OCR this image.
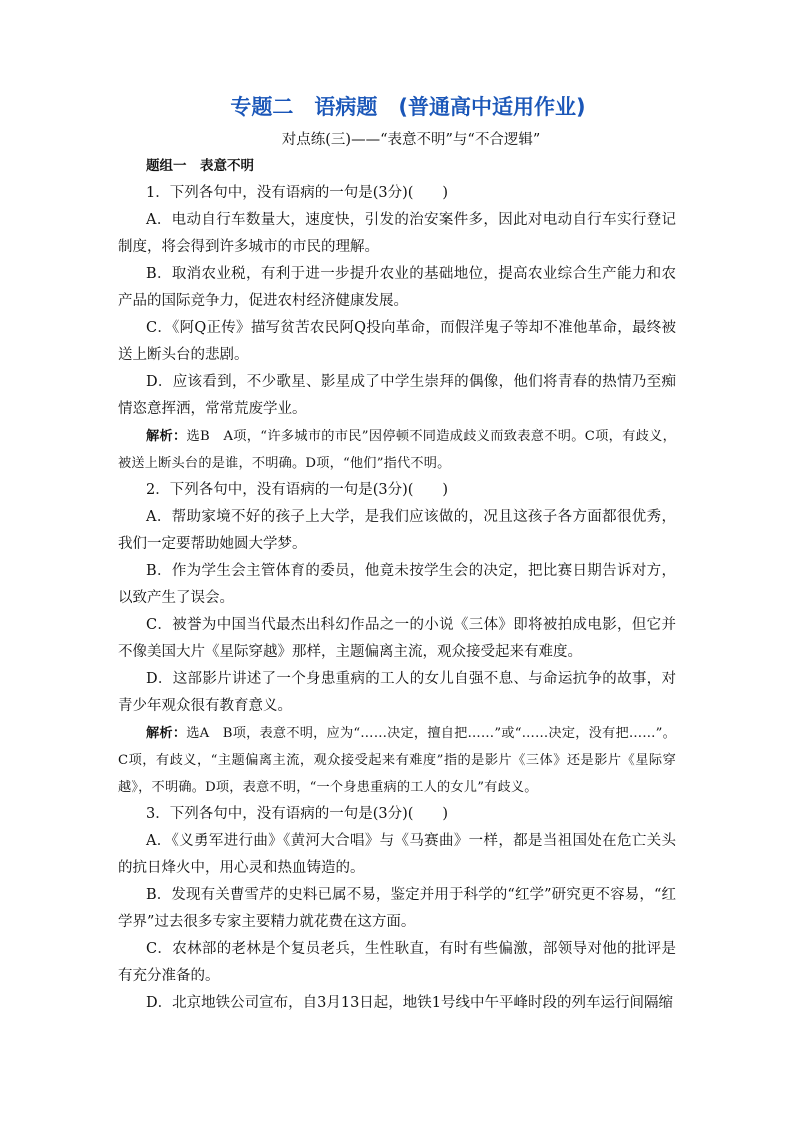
专题二　语病题　(普通高中适用作业)

对点练(三)——“表意不明”与“不合逻辑”

题组一　表意不明

1．下列各句中，没有语病的一句是(3分)(　　)

A．电动自行车数量大，速度快，引发的治安案件多，因此对电动自行车实行登记制度，将会得到许多城市的市民的理解。

B．取消农业税，有利于进一步提升农业的基础地位，提高农业综合生产能力和农产品的国际竞争力，促进农村经济健康发展。

C．《阿Q正传》描写贫苦农民阿Q投向革命，而假洋鬼子等却不准他革命，最终被送上断头台的悲剧。

D．应该看到，不少歌星、影星成了中学生崇拜的偶像，他们将青春的热情乃至痴情恣意挥洒，常常荒废学业。

解析：选B　A项，“许多城市的市民”因停顿不同造成歧义而致表意不明。C项，有歧义，被送上断头台的是谁，不明确。D项，“他们”指代不明。

2．下列各句中，没有语病的一句是(3分)(　　)

A．帮助家境不好的孩子上大学，是我们应该做的，况且这孩子各方面都很优秀，我们一定要帮助她圆大学梦。

B．作为学生会主管体育的委员，他竟未按学生会的决定，把比赛日期告诉对方，以致产生了误会。

C．被誉为中国当代最杰出科幻作品之一的小说《三体》即将被拍成电影，但它并不像美国大片《星际穿越》那样，主题偏离主流，观众接受起来有难度。

D．这部影片讲述了一个身患重病的工人的女儿自强不息、与命运抗争的故事，对青少年观众很有教育意义。

解析：选A　B项，表意不明，应为“……决定，擅自把……”或“……决定，没有把……”。C项，有歧义，“主题偏离主流，观众接受起来有难度”指的是影片《三体》还是影片《星际穿越》，不明确。D项，表意不明，“一个身患重病的工人的女儿”有歧义。

3．下列各句中，没有语病的一句是(3分)(　　)

A．《义勇军进行曲》《黄河大合唱》与《马赛曲》一样，都是当祖国处在危亡关头的抗日烽火中，用心灵和热血铸造的。

B．发现有关曹雪芹的史料已属不易，鉴定并用于科学的“红学”研究更不容易，“红学界”过去很多专家主要精力就花费在这方面。

C．农林部的老林是个复员老兵，生性耿直，有时有些偏激，部领导对他的批评是有充分准备的。

D．北京地铁公司宣布，自3月13日起，地铁1号线中午平峰时段的列车运行间隔缩
